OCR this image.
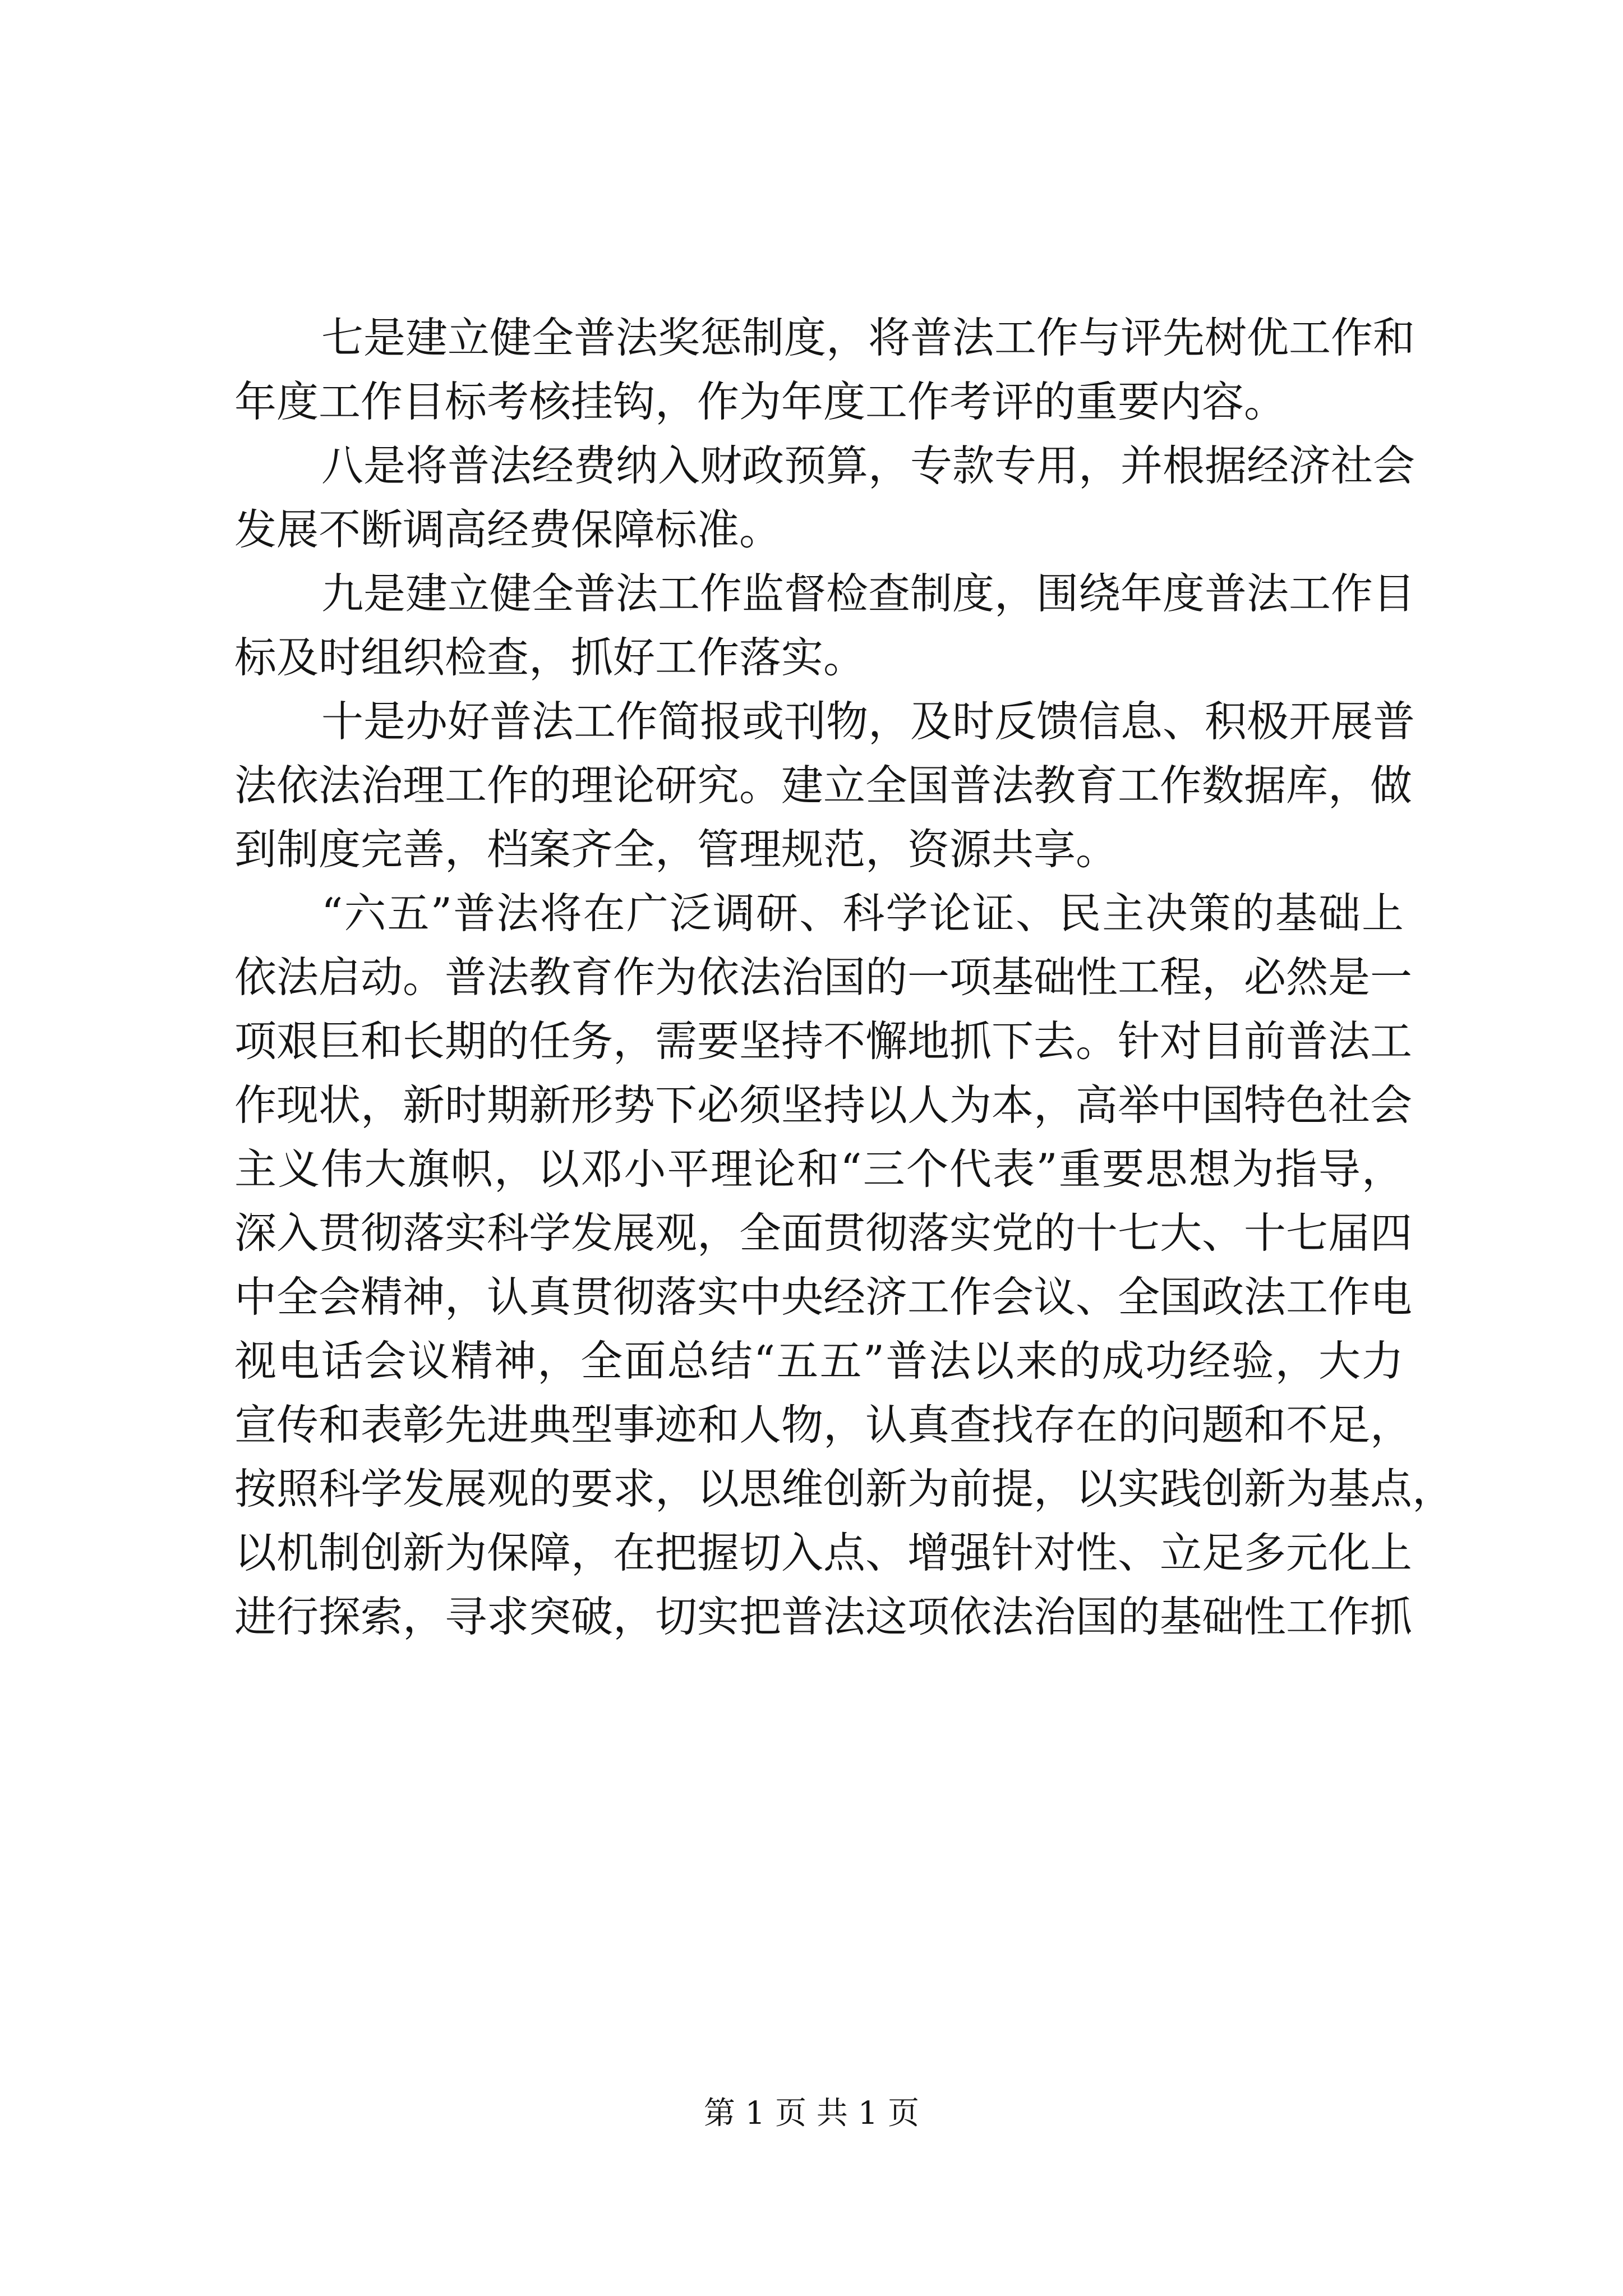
七是建立健全普法奖惩制度，将普法工作与评先树优工作和
年度工作目标考核挂钩，作为年度工作考评的重要内容。
八是将普法经费纳入财政预算，专款专用，并根据经济社会
发展不断调高经费保障标准。
九是建立健全普法工作监督检查制度，围绕年度普法工作目
标及时组织检查，抓好工作落实。
十是办好普法工作简报或刊物，及时反馈信息、积极开展普
法依法治理工作的理论研究。建立全国普法教育工作数据库，做
到制度完善，档案齐全，管理规范，资源共享。
“六五”普法将在广泛调研、科学论证、民主决策的基础上
依法启动。普法教育作为依法治国的一项基础性工程，必然是一
项艰巨和长期的任务，需要坚持不懈地抓下去。针对目前普法工
作现状，新时期新形势下必须坚持以人为本，高举中国特色社会
主义伟大旗帜，以邓小平理论和“三个代表”重要思想为指导，
深入贯彻落实科学发展观，全面贯彻落实党的十七大、十七届四
中全会精神，认真贯彻落实中央经济工作会议、全国政法工作电
视电话会议精神，全面总结“五五”普法以来的成功经验，大力
宣传和表彰先进典型事迹和人物，认真查找存在的问题和不足，
按照科学发展观的要求，以思维创新为前提，以实践创新为基点，
以机制创新为保障，在把握切入点、增强针对性、立足多元化上
进行探索，寻求突破，切实把普法这项依法治国的基础性工作抓
第 1 页 共 1 页
